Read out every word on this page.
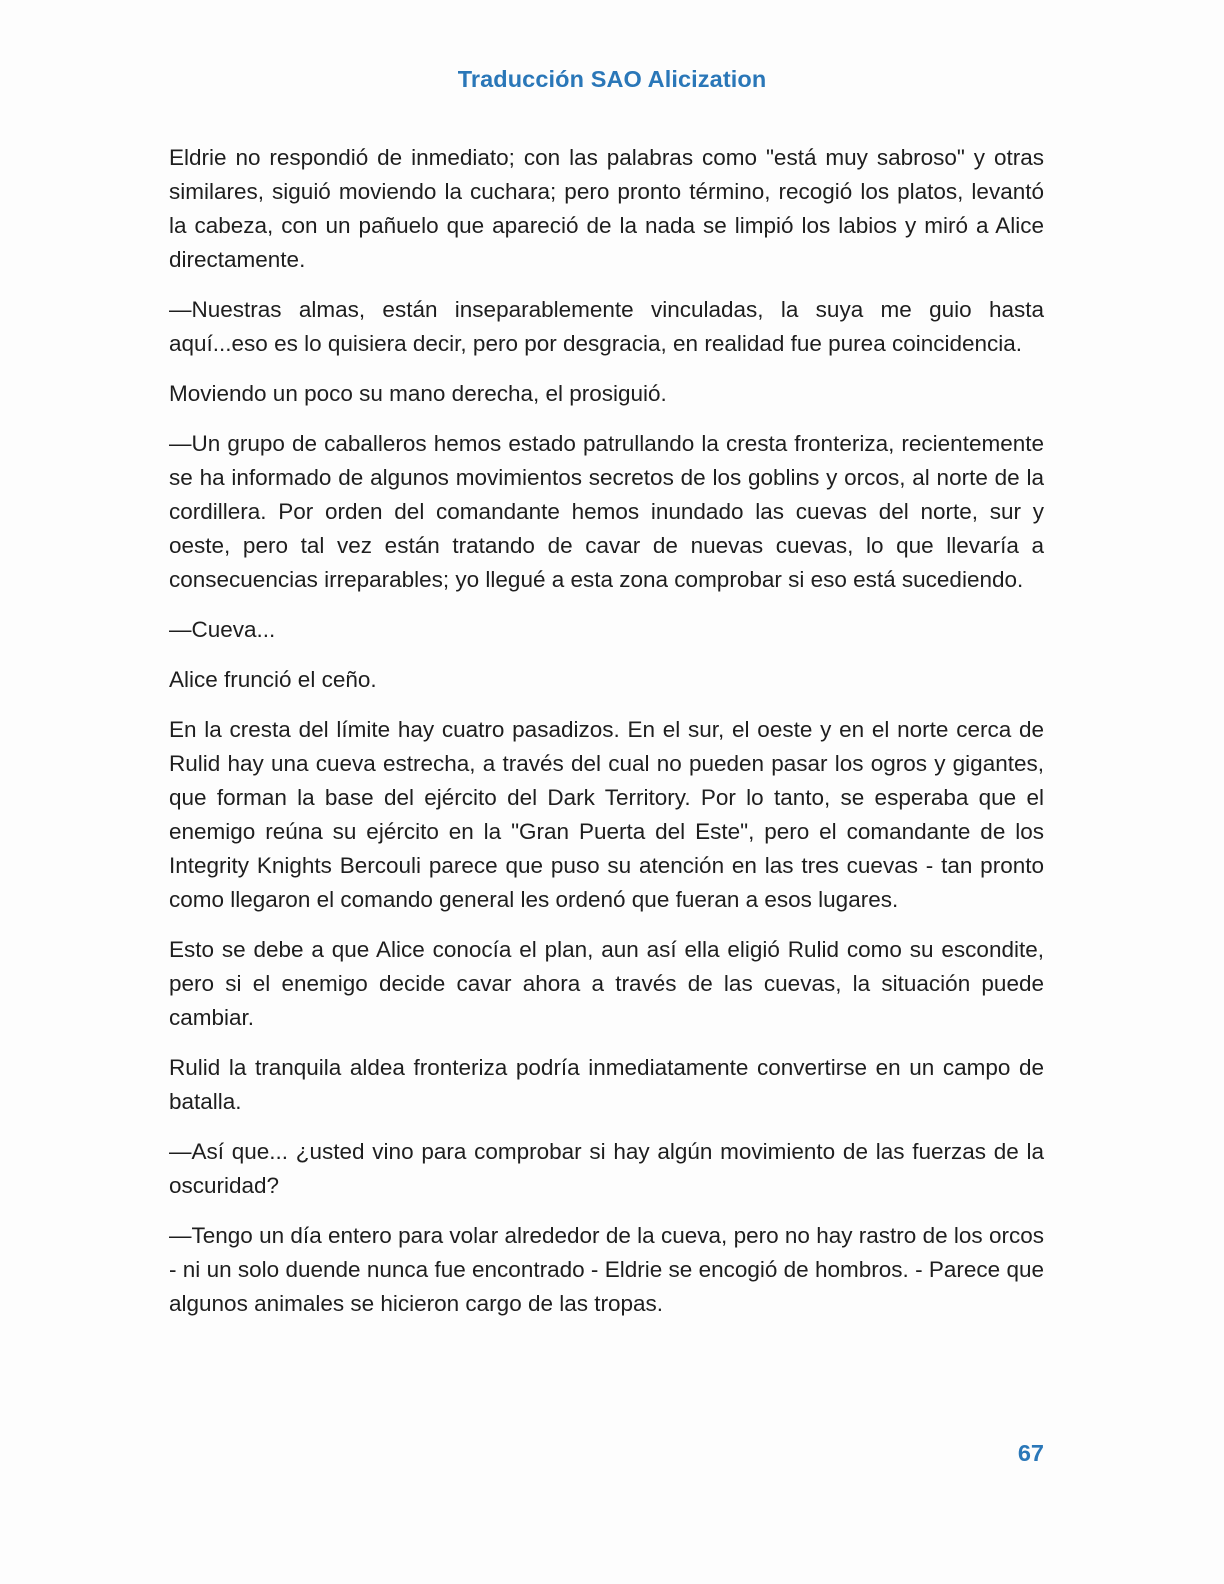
Traducción SAO Alicization

Eldrie no respondió de inmediato; con las palabras como "está muy sabroso" y otras similares, siguió moviendo la cuchara; pero pronto término, recogió los platos, levantó la cabeza, con un pañuelo que apareció de la nada se limpió los labios y miró a Alice directamente.

—Nuestras almas, están inseparablemente vinculadas, la suya me guio hasta aquí...eso es lo quisiera decir, pero por desgracia, en realidad fue purea coincidencia.

Moviendo un poco su mano derecha, el prosiguió.

—Un grupo de caballeros hemos estado patrullando la cresta fronteriza, recientemente se ha informado de algunos movimientos secretos de los goblins y orcos, al norte de la cordillera. Por orden del comandante hemos inundado las cuevas del norte, sur y oeste, pero tal vez están tratando de cavar de nuevas cuevas, lo que llevaría a consecuencias irreparables; yo llegué a esta zona comprobar si eso está sucediendo.

—Cueva...

Alice frunció el ceño.

En la cresta del límite hay cuatro pasadizos. En el sur, el oeste y en el norte cerca de Rulid hay una cueva estrecha, a través del cual no pueden pasar los ogros y gigantes, que forman la base del ejército del Dark Territory. Por lo tanto, se esperaba que el enemigo reúna su ejército en la "Gran Puerta del Este", pero el comandante de los Integrity Knights Bercouli parece que puso su atención en las tres cuevas - tan pronto como llegaron el comando general les ordenó que fueran a esos lugares.

Esto se debe a que Alice conocía el plan, aun así ella eligió Rulid como su escondite, pero si el enemigo decide cavar ahora a través de las cuevas, la situación puede cambiar.

Rulid la tranquila aldea fronteriza podría inmediatamente convertirse en un campo de batalla.

—Así que... ¿usted vino para comprobar si hay algún movimiento de las fuerzas de la oscuridad?

—Tengo un día entero para volar alrededor de la cueva, pero no hay rastro de los orcos - ni un solo duende nunca fue encontrado - Eldrie se encogió de hombros. - Parece que algunos animales se hicieron cargo de las tropas.

67
